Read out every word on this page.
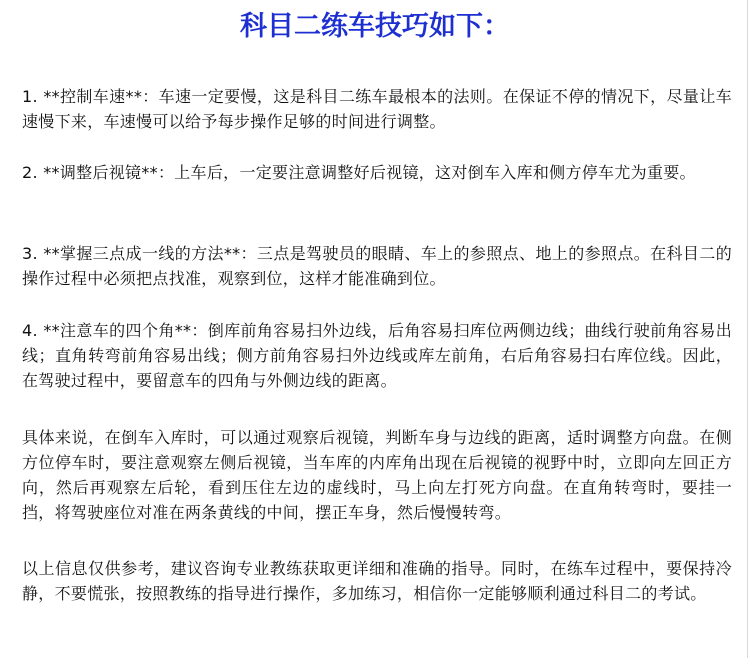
科目二练车技巧如下：

1. **控制车速**：车速一定要慢，这是科目二练车最根本的法则。在保证不停的情况下，尽量让车速慢下来，车速慢可以给予每步操作足够的时间进行调整。

2. **调整后视镜**：上车后，一定要注意调整好后视镜，这对倒车入库和侧方停车尤为重要。

3. **掌握三点成一线的方法**：三点是驾驶员的眼睛、车上的参照点、地上的参照点。在科目二的操作过程中必须把点找准，观察到位，这样才能准确到位。

4. **注意车的四个角**：倒库前角容易扫外边线，后角容易扫库位两侧边线；曲线行驶前角容易出线；直角转弯前角容易出线；侧方前角容易扫外边线或库左前角，右后角容易扫右库位线。因此，在驾驶过程中，要留意车的四角与外侧边线的距离。

具体来说，在倒车入库时，可以通过观察后视镜，判断车身与边线的距离，适时调整方向盘。在侧方位停车时，要注意观察左侧后视镜，当车库的内库角出现在后视镜的视野中时，立即向左回正方向，然后再观察左后轮，看到压住左边的虚线时，马上向左打死方向盘。在直角转弯时，要挂一挡，将驾驶座位对准在两条黄线的中间，摆正车身，然后慢慢转弯。

以上信息仅供参考，建议咨询专业教练获取更详细和准确的指导。同时，在练车过程中，要保持冷静，不要慌张，按照教练的指导进行操作，多加练习，相信你一定能够顺利通过科目二的考试。
